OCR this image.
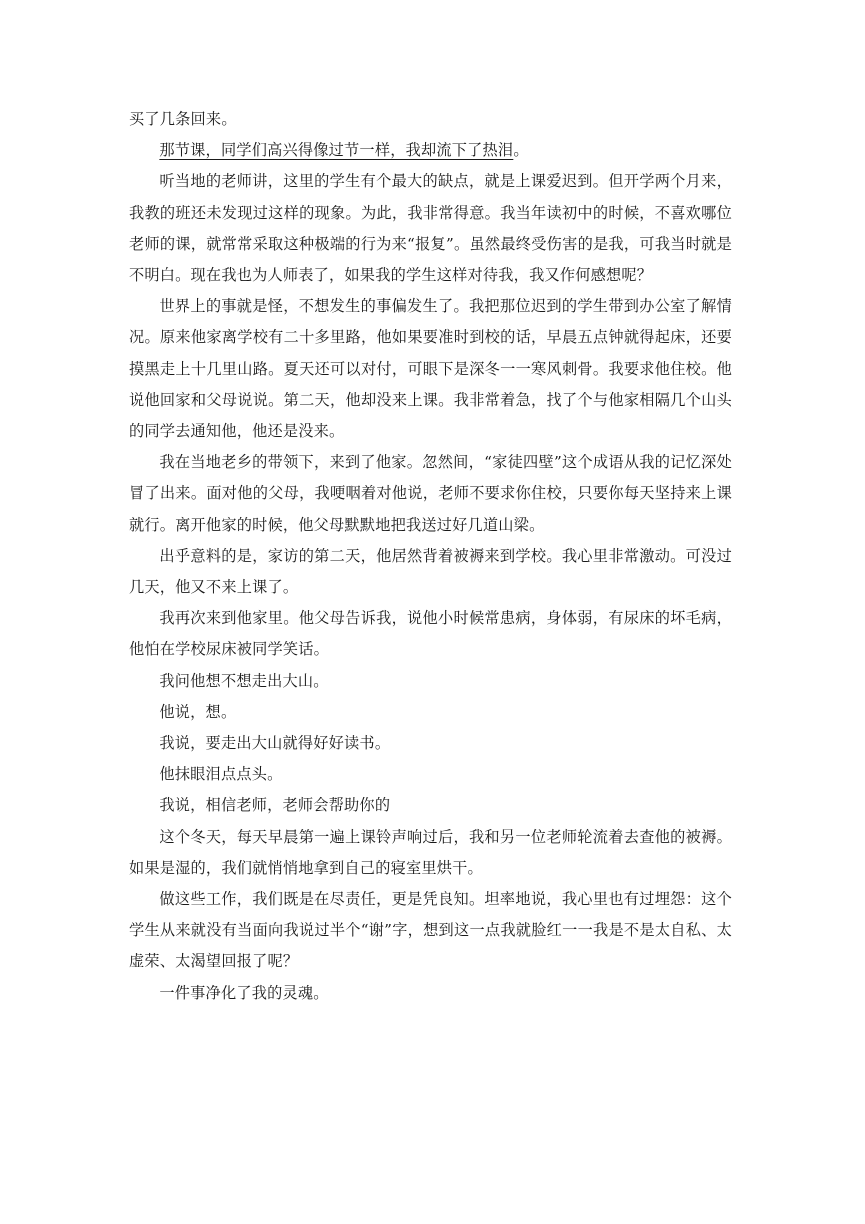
买了几条回来。

那节课，同学们高兴得像过节一样，我却流下了热泪。

听当地的老师讲，这里的学生有个最大的缺点，就是上课爱迟到。但开学两个月来，我教的班还未发现过这样的现象。为此，我非常得意。我当年读初中的时候，不喜欢哪位老师的课，就常常采取这种极端的行为来“报复”。虽然最终受伤害的是我，可我当时就是不明白。现在我也为人师表了，如果我的学生这样对待我，我又作何感想呢？

世界上的事就是怪，不想发生的事偏发生了。我把那位迟到的学生带到办公室了解情况。原来他家离学校有二十多里路，他如果要准时到校的话，早晨五点钟就得起床，还要摸黑走上十几里山路。夏天还可以对付，可眼下是深冬一一寒风刺骨。我要求他住校。他说他回家和父母说说。第二天，他却没来上课。我非常着急，找了个与他家相隔几个山头的同学去通知他，他还是没来。

我在当地老乡的带领下，来到了他家。忽然间，“家徒四壁”这个成语从我的记忆深处冒了出来。面对他的父母，我哽咽着对他说，老师不要求你住校，只要你每天坚持来上课就行。离开他家的时候，他父母默默地把我送过好几道山梁。

出乎意料的是，家访的第二天，他居然背着被褥来到学校。我心里非常激动。可没过几天，他又不来上课了。

我再次来到他家里。他父母告诉我，说他小时候常患病，身体弱，有尿床的坏毛病，他怕在学校尿床被同学笑话。

我问他想不想走出大山。

他说，想。

我说，要走出大山就得好好读书。

他抹眼泪点点头。

我说，相信老师，老师会帮助你的

这个冬天，每天早晨第一遍上课铃声响过后，我和另一位老师轮流着去查他的被褥。如果是湿的，我们就悄悄地拿到自己的寝室里烘干。

做这些工作，我们既是在尽责任，更是凭良知。坦率地说，我心里也有过埋怨：这个学生从来就没有当面向我说过半个“谢”字，想到这一点我就脸红一一我是不是太自私、太虚荣、太渴望回报了呢？

一件事净化了我的灵魂。
